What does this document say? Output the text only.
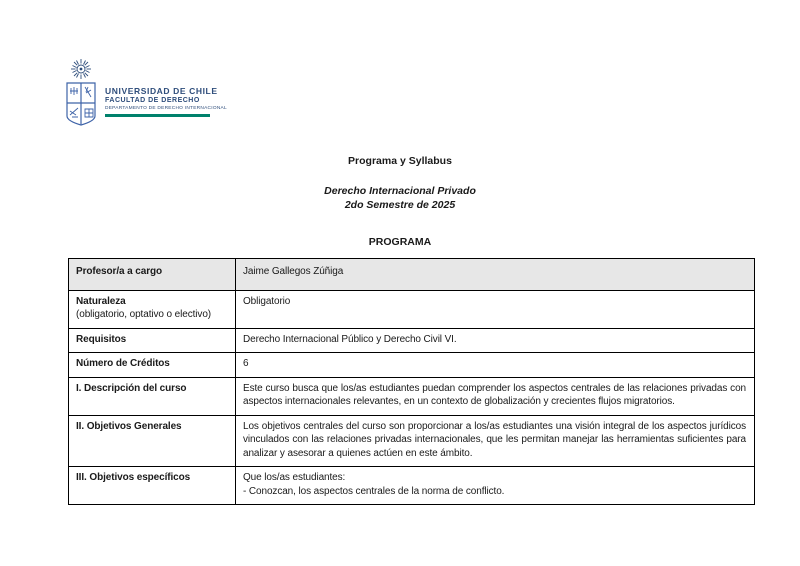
UNIVERSIDAD DE CHILE
FACULTAD DE DERECHO
DEPARTAMENTO DE DERECHO INTERNACIONAL
Programa y Syllabus
Derecho Internacional Privado
2do Semestre de 2025
PROGRAMA
Profesor/a a cargo	Jaime Gallegos Zúñiga

Naturaleza
(obligatorio, optativo o electivo)	Obligatorio

Requisitos	Derecho Internacional Público y Derecho Civil VI.

Número de Créditos	6

I. Descripción del curso	Este curso busca que los/as estudiantes puedan comprender los aspectos centrales de las relaciones privadas con aspectos internacionales relevantes, en un contexto de globalización y crecientes flujos migratorios.

II. Objetivos Generales	Los objetivos centrales del curso son proporcionar a los/as estudiantes una visión integral de los aspectos jurídicos vinculados con las relaciones privadas internacionales, que les permitan manejar las herramientas suficientes para analizar y asesorar a quienes actúen en este ámbito.

III. Objetivos específicos	Que los/as estudiantes:
- Conozcan, los aspectos centrales de la norma de conflicto.
